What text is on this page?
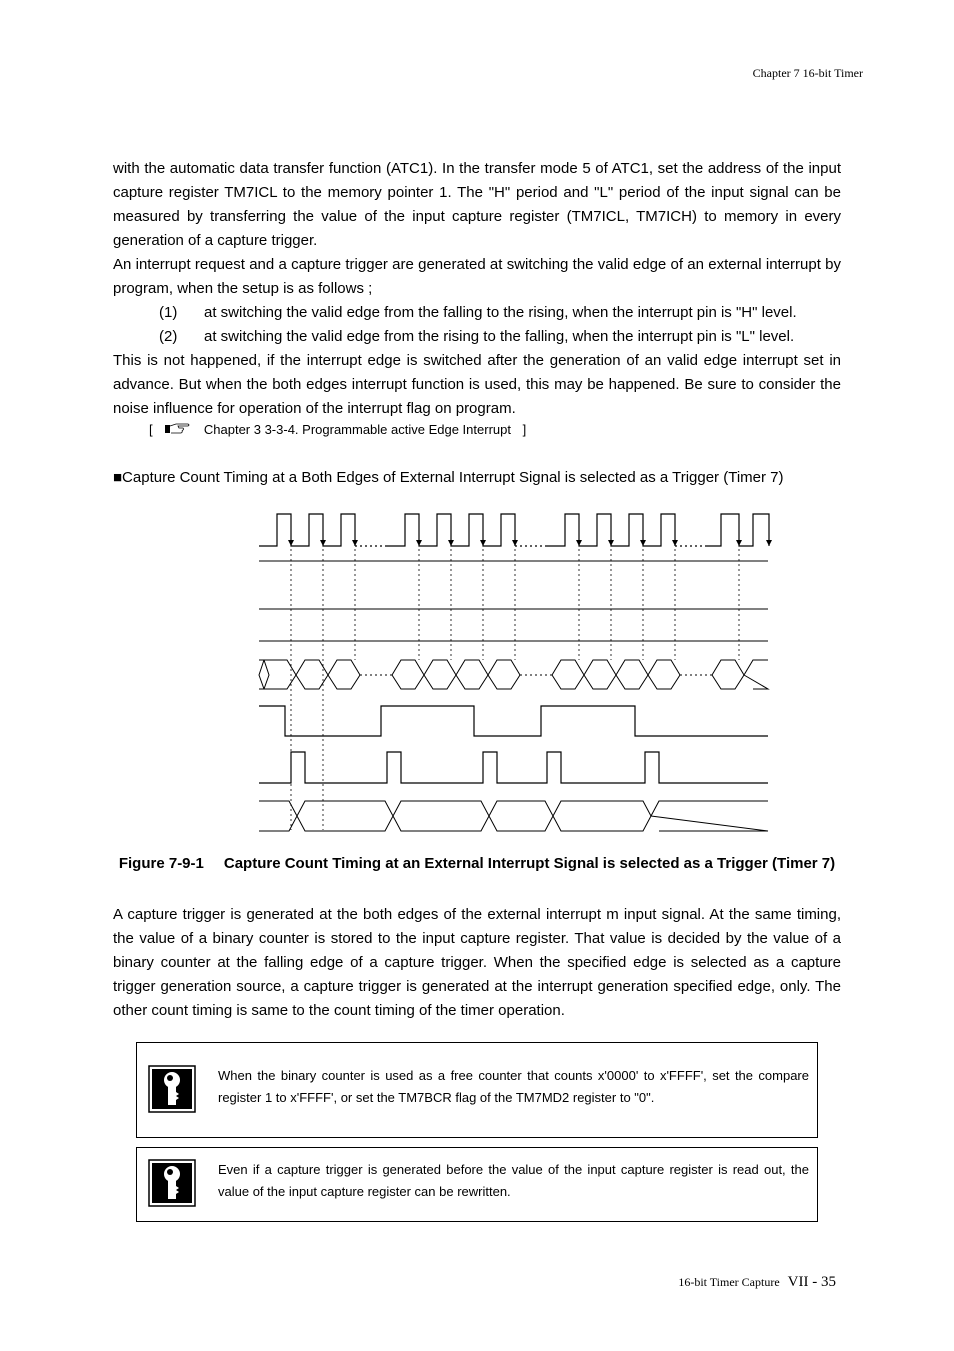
Chapter 7 16-bit Timer

with the automatic data transfer function (ATC1). In the transfer mode 5 of ATC1, set the address of the input capture register TM7ICL to the memory pointer 1. The "H" period and "L" period of the input signal can be measured by transferring the value of the input capture register (TM7ICL, TM7ICH) to memory in every generation of a capture trigger.

An interrupt request and a capture trigger are generated at switching the valid edge of an external interrupt by program, when the setup is as follows ;

(1) at switching the valid edge from the falling to the rising, when the interrupt pin is "H" level.
(2) at switching the valid edge from the rising to the falling, when the interrupt pin is "L" level.

This is not happened, if the interrupt edge is switched after the generation of an valid edge interrupt set in advance. But when the both edges interrupt function is used, this may be happened. Be sure to consider the noise influence for operation of the interrupt flag on program.

[	Chapter 3 3-3-4. Programmable active Edge Interrupt ]
■Capture Count Timing at a Both Edges of External Interrupt Signal is selected as a Trigger (Timer 7)
Figure 7-9-1 Capture Count Timing at an External Interrupt Signal is selected as a Trigger (Timer 7)

A capture trigger is generated at the both edges of the external interrupt m input signal. At the same timing, the value of a binary counter is stored to the input capture register. That value is decided by the value of a binary counter at the falling edge of a capture trigger. When the specified edge is selected as a capture trigger generation source, a capture trigger is generated at the interrupt generation specified edge, only. The other count timing is same to the count timing of the timer operation.

When the binary counter is used as a free counter that counts x'0000' to x'FFFF', set the compare register 1 to x'FFFF', or set the TM7BCR flag of the TM7MD2 register to "0".
Even if a capture trigger is generated before the value of the input capture register is read out, the value of the input capture register can be rewritten.
16-bit Timer Capture VII - 35
